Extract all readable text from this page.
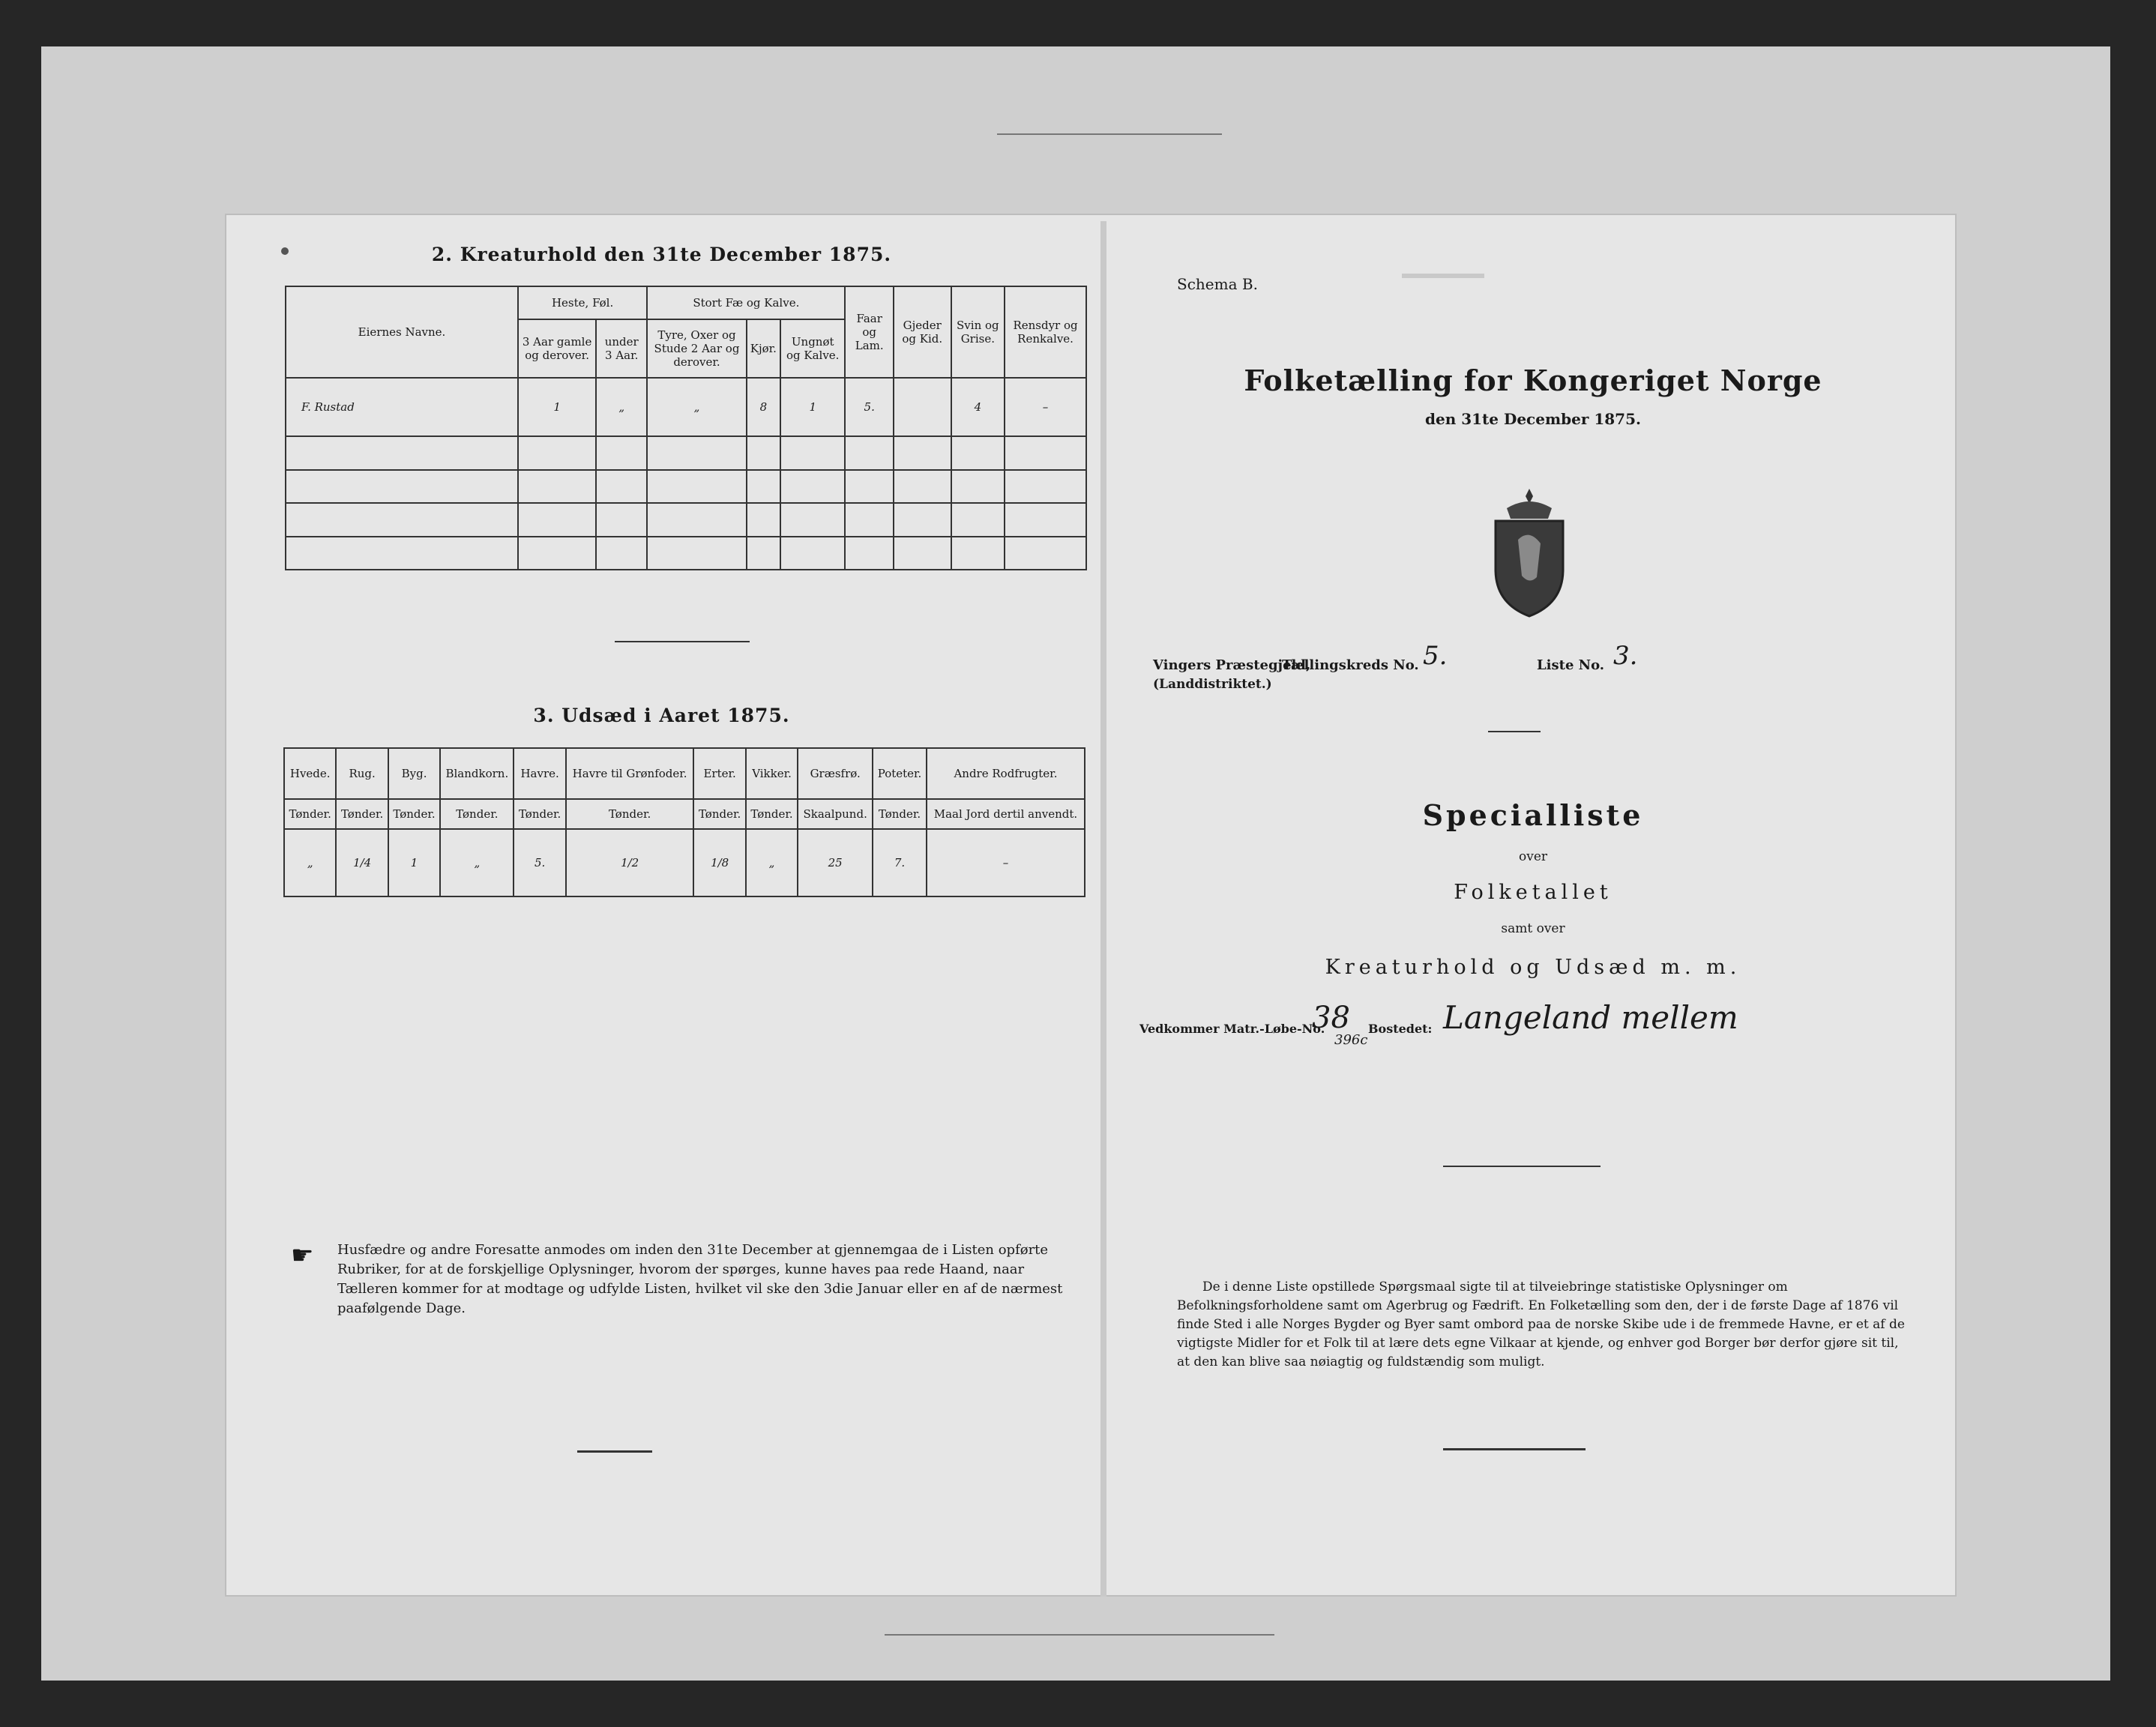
2. Kreaturhold den 31te December 1875.
Eiernes Navne.	Heste, Føl.		Stort Fæ og Kalve.			Faar og Lam.	Gjeder og Kid.	Svin og Grise.	Rensdyr og Renkalve.
	3 Aar gamle og derover.	under 3 Aar.	Tyre, Oxer og Stude 2 Aar og derover.	Kjør.	Ungnøt og Kalve.				
F. Rustad	1	„	„	8	1	5.		4	–

3. Udsæd i Aaret 1875.
Hvede.	Rug.	Byg.	Blandkorn.	Havre.	Havre til Grønfoder.	Erter.	Vikker.	Græsfrø.	Poteter.	Andre Rodfrugter.
Tønder.	Tønder.	Tønder.	Tønder.	Tønder.	Tønder.	Tønder.	Tønder.	Skaalpund.	Tønder.	Maal Jord dertil anvendt.
„	1/4	1	„	5.	1/2	1/8	„	25	7.	–
☛ Husfædre og andre Foresatte anmodes om inden den 31te December at gjennemgaa de i Listen opførte Rubriker, for at de forskjellige Oplysninger, hvorom der spørges, kunne haves paa rede Haand, naar Tælleren kommer for at modtage og udfylde Listen, hvilket vil ske den 3die Januar eller en af de nærmest paafølgende Dage.
Schema B.
Folketælling for Kongeriget Norge
den 31te December 1875.
Vingers Præstegjeld,
Tællingskreds No. 5.	Liste No. 3.
(Landdistriktet.)
Specialliste
over
Folketallet
samt over
Kreaturhold og Udsæd m. m.
Vedkommer Matr.-Løbe-No.
38
396c
Bostedet: Langeland mellem
De i denne Liste opstillede Spørgsmaal sigte til at tilveiebringe statistiske Oplysninger om Befolkningsforholdene samt om Agerbrug og Fædrift. En Folketælling som den, der i de første Dage af 1876 vil finde Sted i alle Norges Bygder og Byer samt ombord paa de norske Skibe ude i de fremmede Havne, er et af de vigtigste Midler for et Folk til at lære dets egne Vilkaar at kjende, og enhver god Borger bør derfor gjøre sit til, at den kan blive saa nøiagtig og fuldstændig som muligt.
